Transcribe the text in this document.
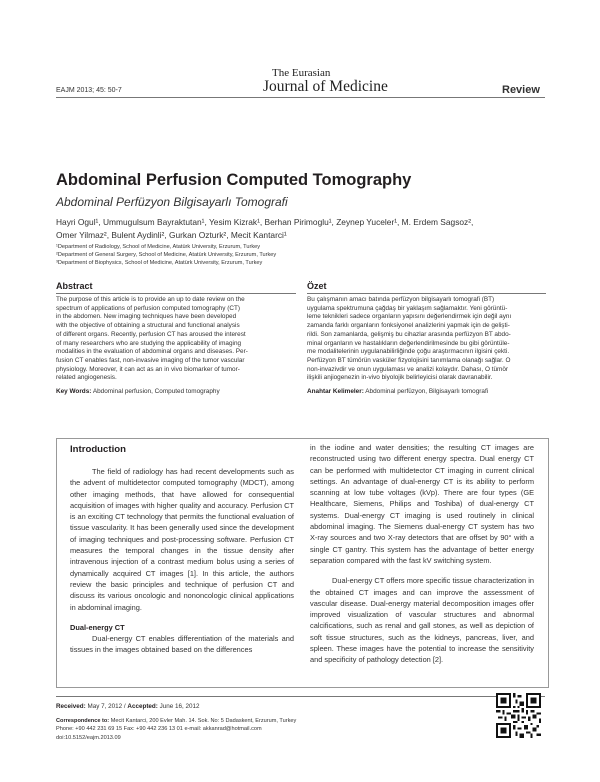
EAJM 2013; 45: 50-7
The Eurasian
Journal of Medicine	Review
Abdominal Perfusion Computed Tomography
Abdominal Perfüzyon Bilgisayarlı Tomografi
Hayri Ogul¹, Ummugulsum Bayraktutan¹, Yesim Kizrak¹, Berhan Pirimoglu¹, Zeynep Yuceler¹, M. Erdem Sagsoz²,
Omer Yilmaz², Bulent Aydinli², Gurkan Ozturk², Mecit Kantarci¹
¹Department of Radiology, School of Medicine, Atatürk University, Erzurum, Turkey
²Department of General Surgery, School of Medicine, Atatürk University, Erzurum, Turkey
³Department of Biophysics, School of Medicine, Atatürk University, Erzurum, Turkey
Abstract
The purpose of this article is to provide an up to date review on the
spectrum of applications of perfusion computed tomography (CT)
in the abdomen. New imaging techniques have been developed
with the objective of obtaining a structural and functional analysis
of different organs. Recently, perfusion CT has aroused the interest
of many researchers who are studying the applicability of imaging
modalities in the evaluation of abdominal organs and diseases. Per-
fusion CT enables fast, non-invasive imaging of the tumor vascular
physiology. Moreover, it can act as an in vivo biomarker of tumor-
related angiogenesis.
Key Words: Abdominal perfusion, Computed tomography
Özet
Bu çalışmanın amacı batında perfüzyon bilgisayarlı tomografi (BT)
uygulama spektrumuna çağdaş bir yaklaşım sağlamaktır. Yeni görüntü-
leme teknikleri sadece organların yapısını değerlendirmek için değil aynı
zamanda farklı organların fonksiyonel analizlerini yapmak için de gelişti-
rildi. Son zamanlarda, gelişmiş bu cihazlar arasında perfüzyon BT abdo-
minal organların ve hastalıkların değerlendirilmesinde bu gibi görüntüle-
me modalitelerinin uygulanabilirliğinde çoğu araştırmacının ilgisini çekti.
Perfüzyon BT tümörün vasküler fizyolojisini tanımlama olanağı sağlar. O
non-invazivdir ve onun uygulaması ve analizi kolaydır. Dahası, O tümör
ilişkili anjiogenezin in-vivo biyolojik belirleyicisi olarak davranabilir.
Anahtar Kelimeler: Abdominal perfüzyon, Bilgisayarlı tomografi
Introduction

The field of radiology has had recent developments such as the advent of multidetector computed tomography (MDCT), among other imaging methods, that have allowed for consequential acquisition of images with higher quality and accuracy. Perfusion CT is an exciting CT technology that permits the functional evaluation of tissue vascularity. It has been generally used since the development of imaging techniques and post-processing software. Perfusion CT measures the temporal changes in the tissue density after intravenous injection of a contrast medium bolus using a series of dynamically acquired CT images [1]. In this article, the authors review the basic principles and technique of perfusion CT and discuss its various oncologic and nononcologic clinical applications in abdominal imaging.

Dual-energy CT

Dual-energy CT enables differentiation of the materials and tissues in the images obtained based on the differences

in the iodine and water densities; the resulting CT images are reconstructed using two different energy spectra. Dual energy CT can be performed with multidetector CT imaging in current clinical settings. An advantage of dual-energy CT is its ability to perform scanning at low tube voltages (kVp). There are four types (GE Healthcare, Siemens, Philips and Toshiba) of dual-energy CT systems. Dual-energy CT imaging is used routinely in clinical abdominal imaging. The Siemens dual-energy CT system has two X-ray sources and two X-ray detectors that are offset by 90° with a single CT gantry. This system has the advantage of better energy separation compared with the fast kV switching system.

Dual-energy CT offers more specific tissue characterization in the obtained CT images and can improve the assessment of vascular disease. Dual-energy material decomposition images offer improved visualization of vascular structures and abnormal calcifications, such as renal and gall stones, as well as depiction of soft tissue structures, such as the kidneys, pancreas, liver, and spleen. These images have the potential to increase the sensitivity and specificity of pathology detection [2].

Received: May 7, 2012 / Accepted: June 16, 2012
Correspondence to: Mecit Kantarci, 200 Evler Mah. 14. Sok. No: 5 Dadaskent, Erzurum, Turkey
Phone: +90 442 231 69 15 Fax: +90 442 236 13 01 e-mail: akkanrad@hotmail.com
doi:10.5152/eajm.2013.09
